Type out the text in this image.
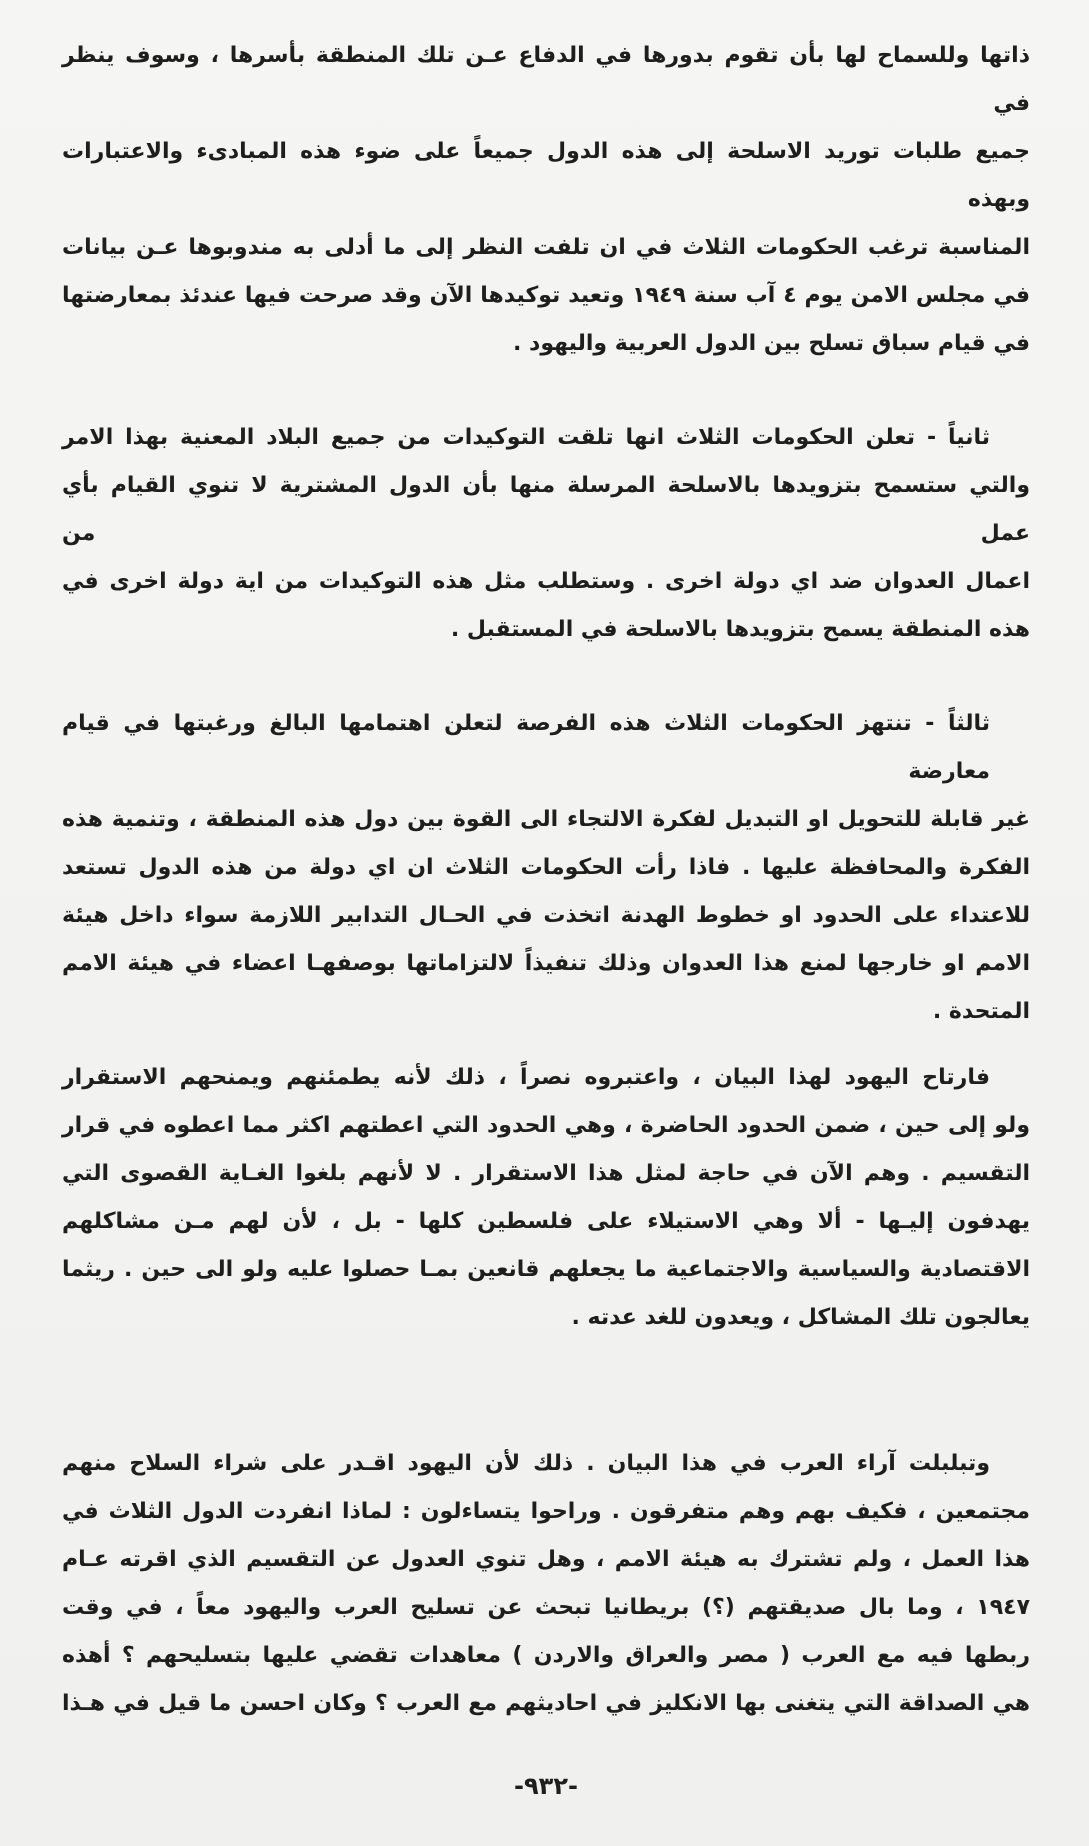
ذاتها وللسماح لها بأن تقوم بدورها في الدفاع عـن تلك المنطقة بأسرها ، وسوف ينظر في
جميع طلبات توريد الاسلحة إلى هذه الدول جميعاً على ضوء هذه المبادىء والاعتبارات وبهذه
المناسبة ترغب الحكومات الثلاث في ان تلفت النظر إلى ما أدلى به مندوبوها عـن بيانات
في مجلس الامن يوم ٤ آب سنة ١٩٤٩ وتعيد توكيدها الآن وقد صرحت فيها عندئذ بمعارضتها
في قيام سباق تسلح بين الدول العربية واليهود .
ثانياً - تعلن الحكومات الثلاث انها تلقت التوكيدات من جميع البلاد المعنية بهذا الامر
والتي ستسمح بتزويدها بالاسلحة المرسلة منها بأن الدول المشترية لا تنوي القيام بأي عمل من
اعمال العدوان ضد اي دولة اخرى . وستطلب مثل هذه التوكيدات من اية دولة اخرى في
هذه المنطقة يسمح بتزويدها بالاسلحة في المستقبل .
ثالثاً - تنتهز الحكومات الثلاث هذه الفرصة لتعلن اهتمامها البالغ ورغبتها في قيام معارضة
غير قابلة للتحويل او التبديل لفكرة الالتجاء الى القوة بين دول هذه المنطقة ، وتنمية هذه
الفكرة والمحافظة عليها . فاذا رأت الحكومات الثلاث ان اي دولة من هذه الدول تستعد
للاعتداء على الحدود او خطوط الهدنة اتخذت في الحـال التدابير اللازمة سواء داخل هيئة
الامم او خارجها لمنع هذا العدوان وذلك تنفيذاً لالتزاماتها بوصفهـا اعضاء في هيئة الامم
المتحدة .
فارتاح اليهود لهذا البيان ، واعتبروه نصراً ، ذلك لأنه يطمئنهم ويمنحهم الاستقرار
ولو إلى حين ، ضمن الحدود الحاضرة ، وهي الحدود التي اعطتهم اكثر مما اعطوه في قرار
التقسيم . وهم الآن في حاجة لمثل هذا الاستقرار . لا لأنهم بلغوا الغـاية القصوى التي
يهدفون إليـها - ألا وهي الاستيلاء على فلسطين كلها - بل ، لأن لهم مـن مشاكلهم
الاقتصادية والسياسية والاجتماعية ما يجعلهم قانعين بمـا حصلوا عليه ولو الى حين . ريثما
يعالجون تلك المشاكل ، ويعدون للغد عدته .
وتبلبلت آراء العرب في هذا البيان . ذلك لأن اليهود اقـدر على شراء السلاح منهم
مجتمعين ، فكيف بهم وهم متفرقون . وراحوا يتساءلون : لماذا انفردت الدول الثلاث في
هذا العمل ، ولم تشترك به هيئة الامم ، وهل تنوي العدول عن التقسيم الذي اقرته عـام
١٩٤٧ ، وما بال صديقتهم (؟) بريطانيا تبحث عن تسليح العرب واليهود معاً ، في وقت
ربطها فيه مع العرب ( مصر والعراق والاردن ) معاهدات تقضي عليها بتسليحهم ؟ أهذه
هي الصداقة التي يتغنى بها الانكليز في احاديثهم مع العرب ؟ وكان احسن ما قيل في هـذا
-٩٣٢-
